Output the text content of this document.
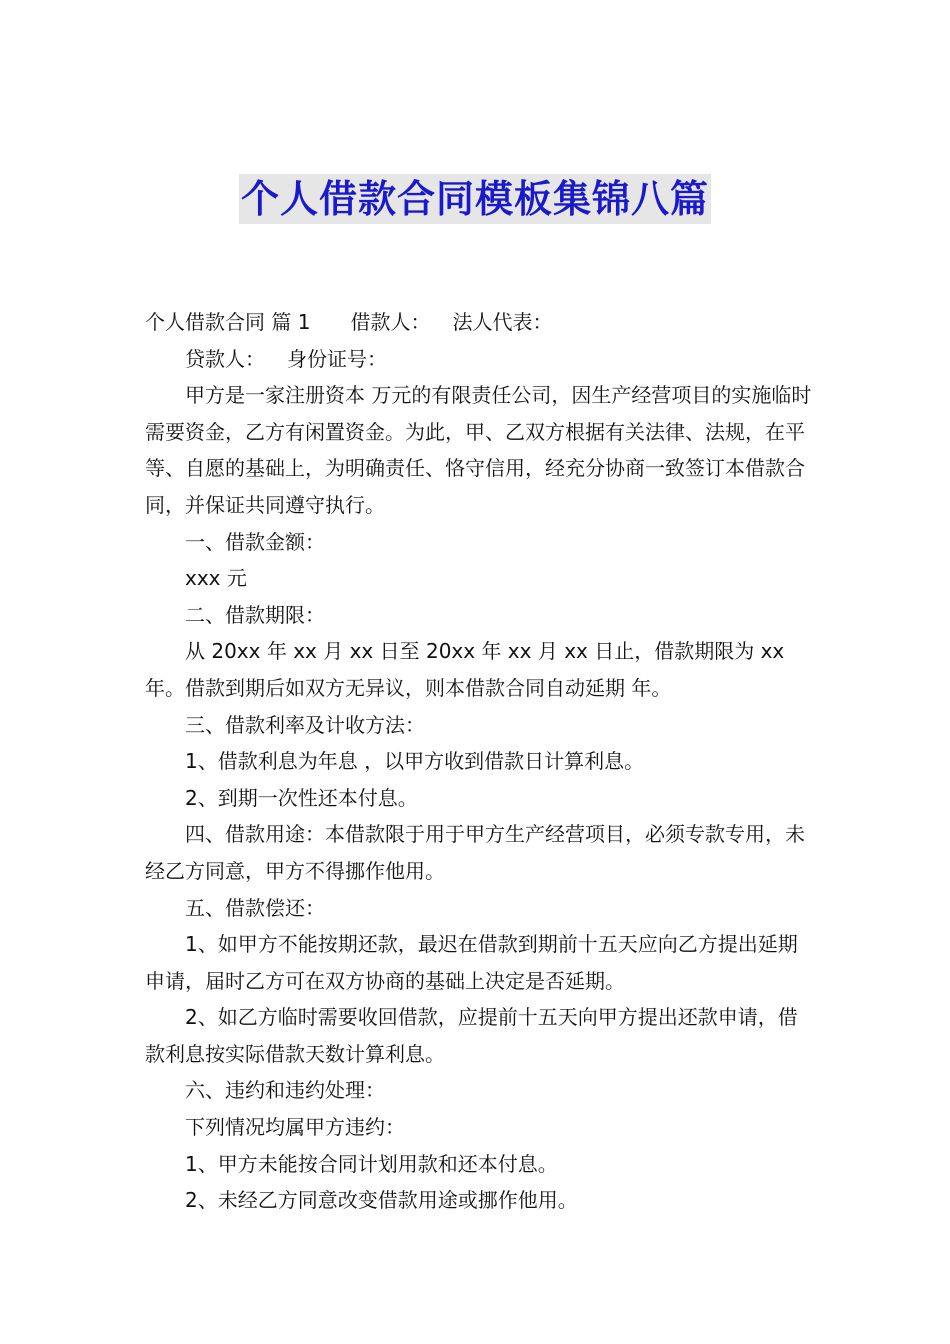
个人借款合同模板集锦八篇

个人借款合同 篇 1 借款人： 法人代表：

贷款人： 身份证号：

甲方是一家注册资本 万元的有限责任公司，因生产经营项目的实施临时需要资金，乙方有闲置资金。为此，甲、乙双方根据有关法律、法规，在平等、自愿的基础上，为明确责任、恪守信用，经充分协商一致签订本借款合同，并保证共同遵守执行。

一、借款金额：

xxx 元

二、借款期限：

从 20xx 年 xx 月 xx 日至 20xx 年 xx 月 xx 日止，借款期限为 xx 年。借款到期后如双方无异议，则本借款合同自动延期 年。

三、借款利率及计收方法：

1、借款利息为年息 ，以甲方收到借款日计算利息。

2、到期一次性还本付息。

四、借款用途：本借款限于用于甲方生产经营项目，必须专款专用，未经乙方同意，甲方不得挪作他用。

五、借款偿还：

1、如甲方不能按期还款，最迟在借款到期前十五天应向乙方提出延期申请，届时乙方可在双方协商的基础上决定是否延期。

2、如乙方临时需要收回借款，应提前十五天向甲方提出还款申请，借款利息按实际借款天数计算利息。

六、违约和违约处理：

下列情况均属甲方违约：

1、甲方未能按合同计划用款和还本付息。

2、未经乙方同意改变借款用途或挪作他用。
